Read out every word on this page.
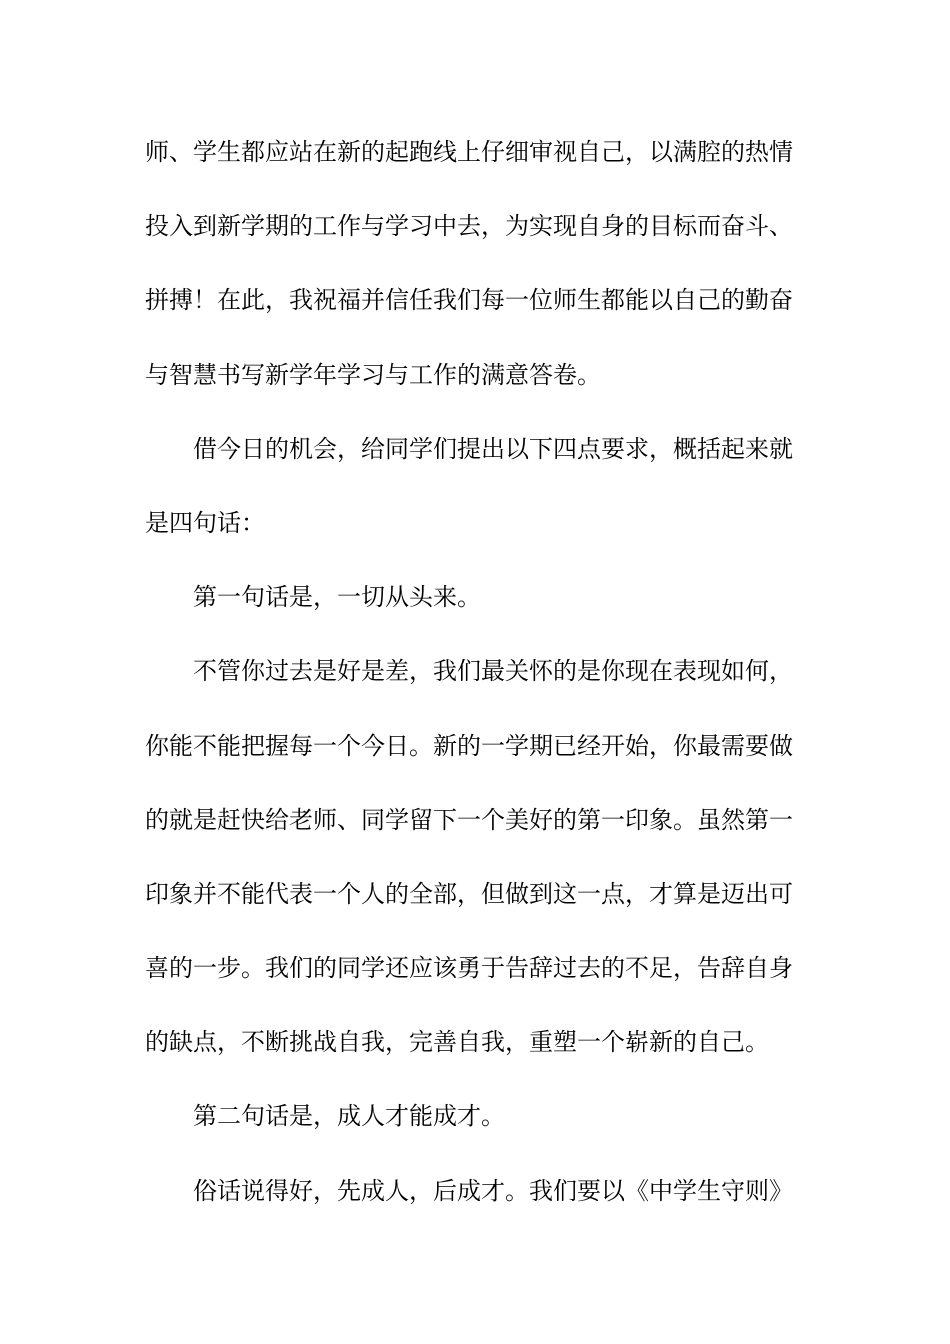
师、学生都应站在新的起跑线上仔细审视自己，以满腔的热情
投入到新学期的工作与学习中去，为实现自身的目标而奋斗、
拼搏！在此，我祝福并信任我们每一位师生都能以自己的勤奋
与智慧书写新学年学习与工作的满意答卷。
借今日的机会，给同学们提出以下四点要求，概括起来就
是四句话：
第一句话是，一切从头来。
不管你过去是好是差，我们最关怀的是你现在表现如何，
你能不能把握每一个今日。新的一学期已经开始，你最需要做
的就是赶快给老师、同学留下一个美好的第一印象。虽然第一
印象并不能代表一个人的全部，但做到这一点，才算是迈出可
喜的一步。我们的同学还应该勇于告辞过去的不足，告辞自身
的缺点，不断挑战自我，完善自我，重塑一个崭新的自己。
第二句话是，成人才能成才。
俗话说得好，先成人，后成才。我们要以《中学生守则》
